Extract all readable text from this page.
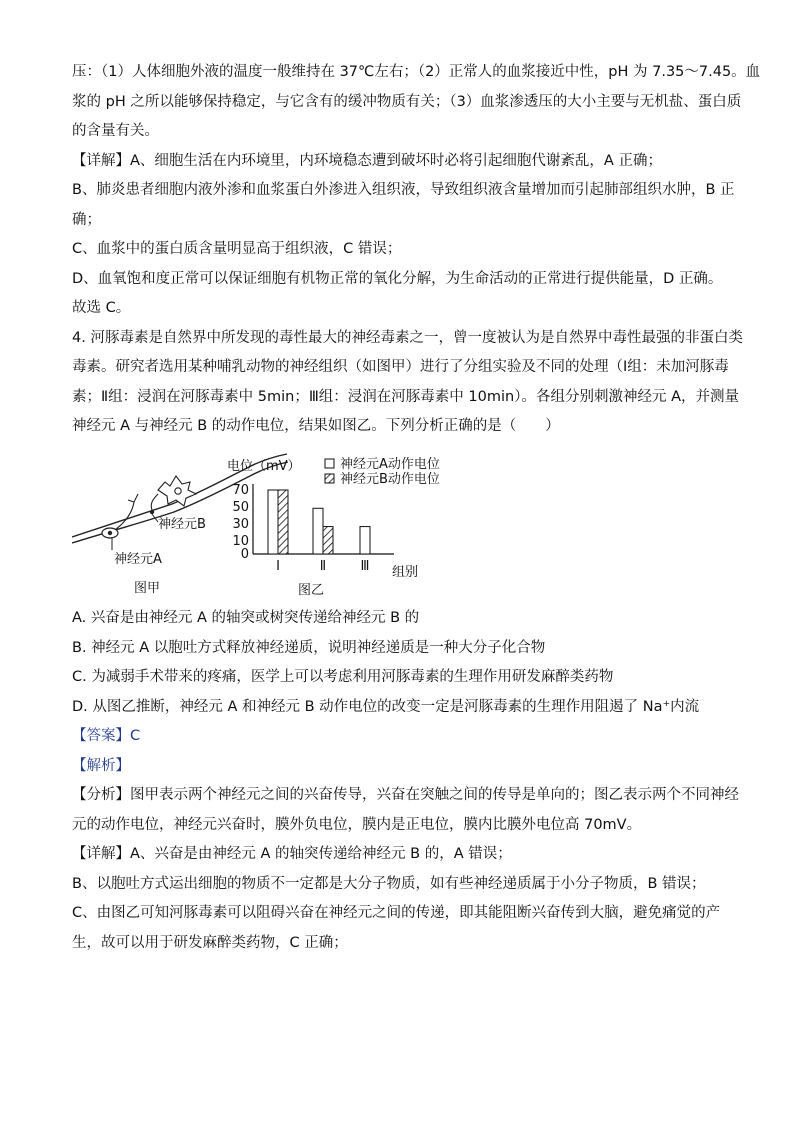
压：（1）人体细胞外液的温度一般维持在 37℃左右；（2）正常人的血浆接近中性，pH 为 7.35～7.45。血

浆的 pH 之所以能够保持稳定，与它含有的缓冲物质有关；（3）血浆渗透压的大小主要与无机盐、蛋白质

的含量有关。

【详解】A、细胞生活在内环境里，内环境稳态遭到破坏时必将引起细胞代谢紊乱，A 正确；

B、肺炎患者细胞内液外渗和血浆蛋白外渗进入组织液，导致组织液含量增加而引起肺部组织水肿，B 正

确；

C、血浆中的蛋白质含量明显高于组织液，C 错误；

D、血氧饱和度正常可以保证细胞有机物正常的氧化分解，为生命活动的正常进行提供能量，D 正确。

故选 C。

4. 河豚毒素是自然界中所发现的毒性最大的神经毒素之一，曾一度被认为是自然界中毒性最强的非蛋白类

毒素。研究者选用某种哺乳动物的神经组织（如图甲）进行了分组实验及不同的处理（Ⅰ组：未加河豚毒

素；Ⅱ组：浸润在河豚毒素中 5min；Ⅲ组：浸润在河豚毒素中 10min）。各组分别刺激神经元 A，并测量

神经元 A 与神经元 B 的动作电位，结果如图乙。下列分析正确的是（　　）

神经元B
神经元A
图甲
电位（mV）
0
10
30
50
70
Ⅰ	Ⅱ	Ⅲ 组别
图乙
神经元A动作电位
神经元B动作电位

A. 兴奋是由神经元 A 的轴突或树突传递给神经元 B 的

B. 神经元 A 以胞吐方式释放神经递质，说明神经递质是一种大分子化合物

C. 为减弱手术带来的疼痛，医学上可以考虑利用河豚毒素的生理作用研发麻醉类药物

D. 从图乙推断，神经元 A 和神经元 B 动作电位的改变一定是河豚毒素的生理作用阻遏了 Na⁺内流

【答案】C

【解析】

【分析】图甲表示两个神经元之间的兴奋传导，兴奋在突触之间的传导是单向的；图乙表示两个不同神经

元的动作电位，神经元兴奋时，膜外负电位，膜内是正电位，膜内比膜外电位高 70mV。

【详解】A、兴奋是由神经元 A 的轴突传递给神经元 B 的，A 错误；

B、以胞吐方式运出细胞的物质不一定都是大分子物质，如有些神经递质属于小分子物质，B 错误；

C、由图乙可知河豚毒素可以阻碍兴奋在神经元之间的传递，即其能阻断兴奋传到大脑，避免痛觉的产

生，故可以用于研发麻醉类药物，C 正确；
